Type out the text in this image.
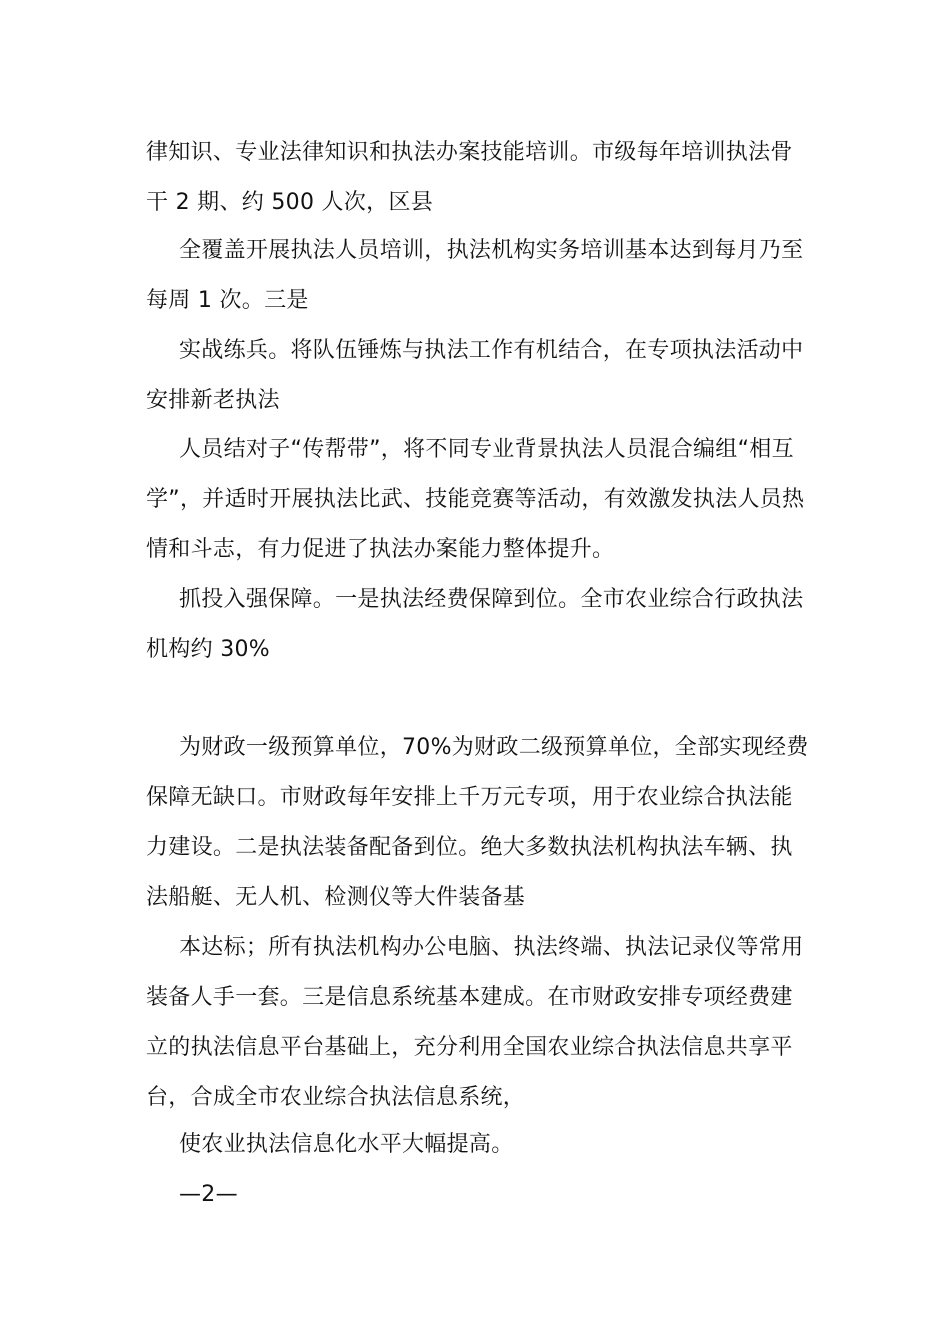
律知识、专业法律知识和执法办案技能培训。市级每年培训执法骨干 2 期、约 500 人次，区县

全覆盖开展执法人员培训，执法机构实务培训基本达到每月乃至每周 1 次。三是

实战练兵。将队伍锤炼与执法工作有机结合，在专项执法活动中安排新老执法

人员结对子“传帮带”，将不同专业背景执法人员混合编组“相互学”，并适时开展执法比武、技能竞赛等活动，有效激发执法人员热情和斗志，有力促进了执法办案能力整体提升。

抓投入强保障。一是执法经费保障到位。全市农业综合行政执法机构约 30%

为财政一级预算单位，70%为财政二级预算单位，全部实现经费保障无缺口。市财政每年安排上千万元专项，用于农业综合执法能力建设。二是执法装备配备到位。绝大多数执法机构执法车辆、执法船艇、无人机、检测仪等大件装备基

本达标；所有执法机构办公电脑、执法终端、执法记录仪等常用装备人手一套。三是信息系统基本建成。在市财政安排专项经费建立的执法信息平台基础上，充分利用全国农业综合执法信息共享平台，合成全市农业综合执法信息系统，

使农业执法信息化水平大幅提高。

—2—
